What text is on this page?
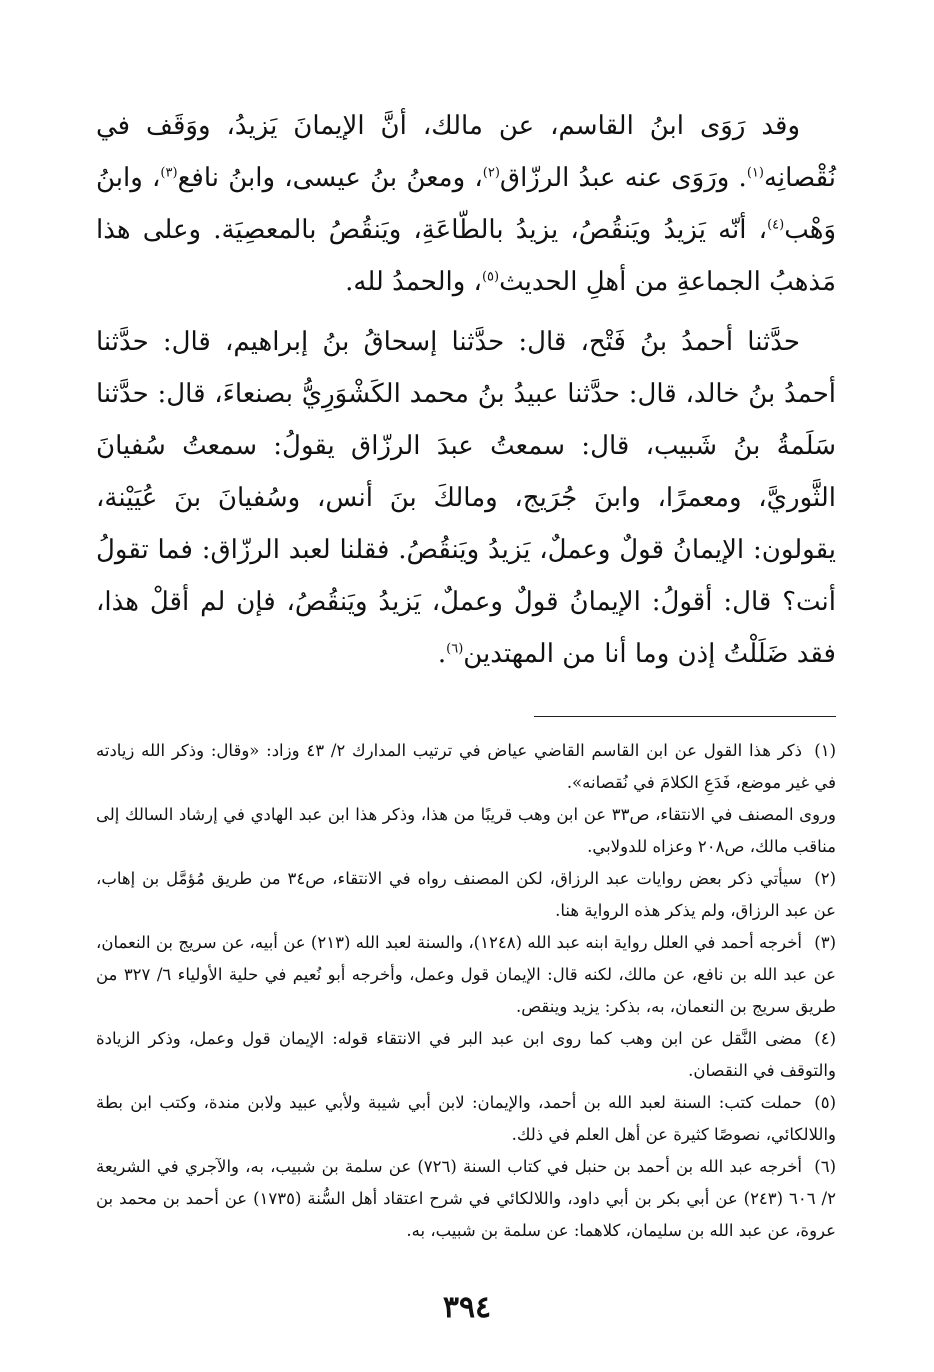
وقد رَوَى ابنُ القاسم، عن مالك، أنَّ الإيمانَ يَزيدُ، ووَقَف في نُقْصانِه$^{(١)}$. ورَوَى عنه عبدُ الرزّاق$^{(٢)}$، ومعنُ بنُ عيسى، وابنُ نافع$^{(٣)}$، وابنُ وَهْب$^{(٤)}$، أنّه يَزيدُ ويَنقُصُ، يزيدُ بالطّاعَةِ، ويَنقُصُ بالمعصِيَة. وعلى هذا مَذهبُ الجماعةِ من أهلِ الحديث$^{(٥)}$، والحمدُ لله.

حدَّثنا أحمدُ بنُ فَتْح، قال: حدَّثنا إسحاقُ بنُ إبراهيم، قال: حدَّثنا أحمدُ بنُ خالد، قال: حدَّثنا عبيدُ بنُ محمد الكَشْوَرِيُّ بصنعاءَ، قال: حدَّثنا سَلَمةُ بنُ شَبيب، قال: سمعتُ عبدَ الرزّاق يقولُ: سمعتُ سُفيانَ الثَّوريَّ، ومعمرًا، وابنَ جُرَيج، ومالكَ بنَ أنس، وسُفيانَ بنَ عُيَيْنة، يقولون: الإيمانُ قولٌ وعملٌ، يَزيدُ ويَنقُصُ. فقلنا لعبد الرزّاق: فما تقولُ أنت؟ قال: أقولُ: الإيمانُ قولٌ وعملٌ، يَزيدُ ويَنقُصُ، فإن لم أقلْ هذا، فقد ضَلَلْتُ إذن وما أنا من المهتدين$^{(٦)}$.

(١)ذكر هذا القول عن ابن القاسم القاضي عياض في ترتيب المدارك ٢/ ٤٣ وزاد: «وقال: وذكر الله زيادته في غير موضع، فَدَعِ الكلامَ في نُقصانه».

وروى المصنف في الانتقاء، ص٣٣ عن ابن وهب قريبًا من هذا، وذكر هذا ابن عبد الهادي في إرشاد السالك إلى مناقب مالك، ص٢٠٨ وعزاه للدولابي.

(٢)سيأتي ذكر بعض روايات عبد الرزاق، لكن المصنف رواه في الانتقاء، ص٣٤ من طريق مُؤمَّل بن إهاب، عن عبد الرزاق، ولم يذكر هذه الرواية هنا.

(٣)أخرجه أحمد في العلل رواية ابنه عبد الله (١٢٤٨)، والسنة لعبد الله (٢١٣) عن أبيه، عن سريج بن النعمان، عن عبد الله بن نافع، عن مالك، لكنه قال: الإيمان قول وعمل، وأخرجه أبو نُعيم في حلية الأولياء ٦/ ٣٢٧ من طريق سريج بن النعمان، به، بذكر: يزيد وينقص.

(٤)مضى النَّقل عن ابن وهب كما روى ابن عبد البر في الانتقاء قوله: الإيمان قول وعمل، وذكر الزيادة والتوقف في النقصان.

(٥)حملت كتب: السنة لعبد الله بن أحمد، والإيمان: لابن أبي شيبة ولأبي عبيد ولابن مندة، وكتب ابن بطة واللالكائي، نصوصًا كثيرة عن أهل العلم في ذلك.

(٦)أخرجه عبد الله بن أحمد بن حنبل في كتاب السنة (٧٢٦) عن سلمة بن شبيب، به، والآجري في الشريعة ٢/ ٦٠٦ (٢٤٣) عن أبي بكر بن أبي داود، واللالكائي في شرح اعتقاد أهل السُّنة (١٧٣٥) عن أحمد بن محمد بن عروة، عن عبد الله بن سليمان، كلاهما: عن سلمة بن شبيب، به.

٣٩٤
